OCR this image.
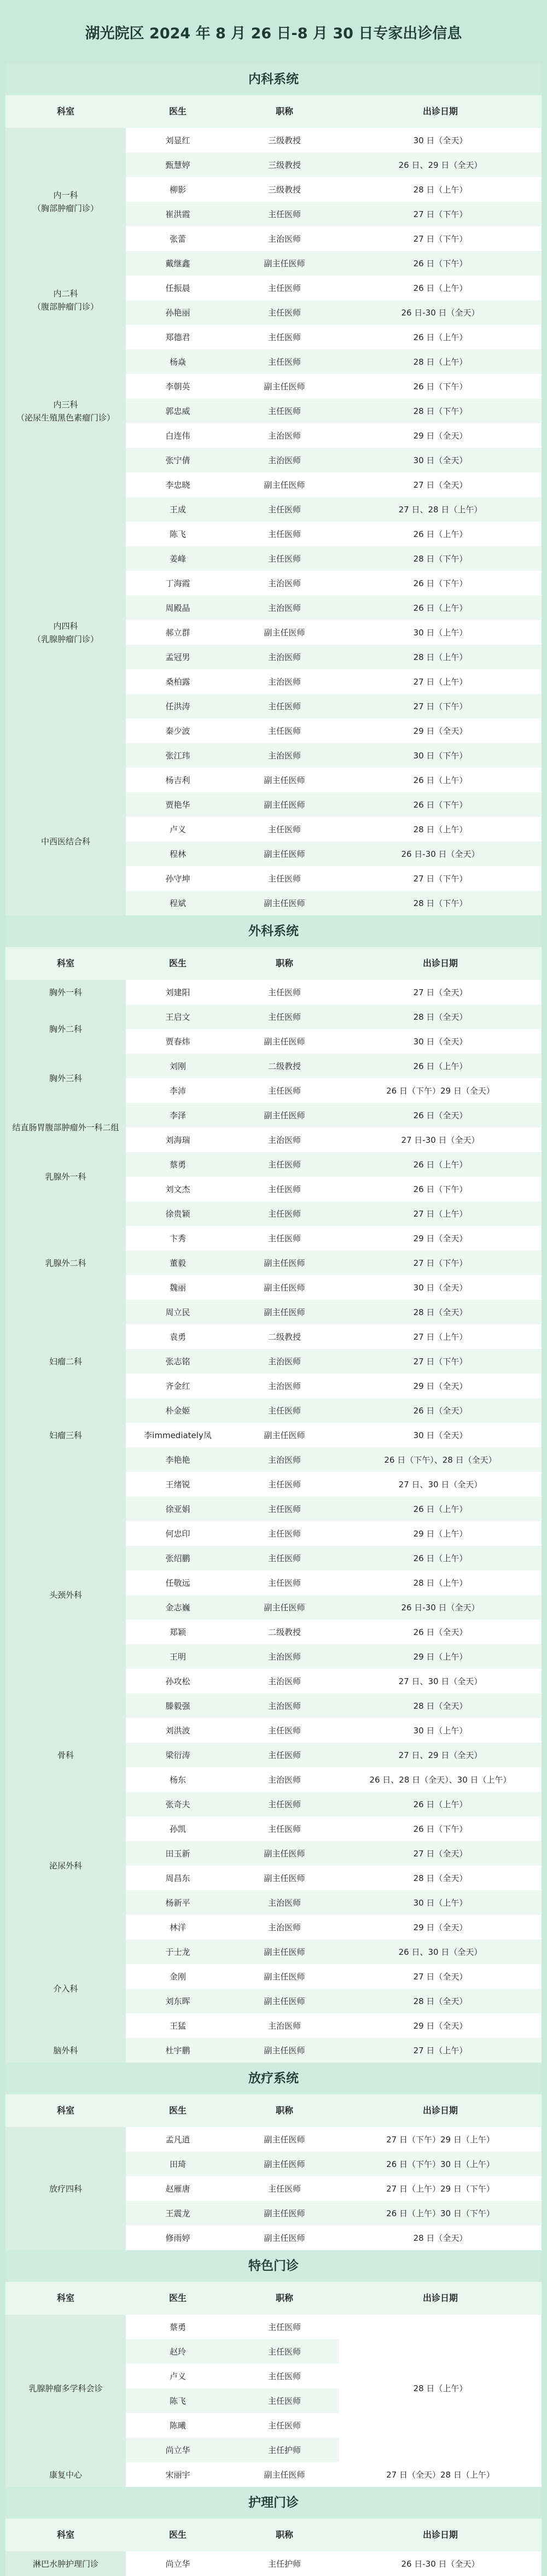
湖光院区 2024 年 8 月 26 日-8 月 30 日专家出诊信息
内科系统
科室	医生	职称	出诊日期
内一科
（胸部肿瘤门诊）	刘显红	三级教授	30 日（全天）
	甄慧婷	三级教授	26 日、29 日（全天）
	柳影	三级教授	28 日（上午）
	崔洪霞	主任医师	27 日（下午）
	张蕾	主治医师	27 日（下午）
	戴继鑫	副主任医师	26 日（下午）
内二科
（腹部肿瘤门诊）	任振晨	主任医师	26 日（上午）
	孙艳丽	主任医师	26 日-30 日（全天）
内三科
（泌尿生殖黑色素瘤门诊）	郑德君	主任医师	26 日（上午）
	杨焱	主任医师	28 日（上午）
	李朝英	副主任医师	26 日（下午）
	郭忠威	主任医师	28 日（下午）
	白连伟	主治医师	29 日（全天）
	张宁倩	主治医师	30 日（全天）
	李忠晓	副主任医师	27 日（全天）
内四科
（乳腺肿瘤门诊）	王成	主任医师	27 日、28 日（上午）
	陈飞	主任医师	26 日（上午）
	姜峰	主任医师	28 日（下午）
	丁海霞	主治医师	26 日（下午）
	周殿晶	主治医师	26 日（上午）
	郝立群	副主任医师	30 日（上午）
	孟冠男	主治医师	28 日（上午）
	桑柏露	主治医师	27 日（上午）
	任洪涛	主任医师	27 日（下午）
	秦少波	主任医师	29 日（全天）
	张江玮	主治医师	30 日（下午）
中西医结合科	杨吉利	副主任医师	26 日（上午）
	贾艳华	副主任医师	26 日（下午）
	卢义	主任医师	28 日（上午）
	程林	副主任医师	26 日-30 日（全天）
	孙守坤	主任医师	27 日（下午）
	程斌	副主任医师	28 日（下午）
外科系统
科室	医生	职称	出诊日期
胸外一科	刘建阳	主任医师	27 日（全天）
胸外二科	王启文	主任医师	28 日（全天）
	贾春炜	副主任医师	30 日（全天）
胸外三科	刘刚	二级教授	26 日（上午）
	李沛	主任医师	26 日（下午）29 日（全天）
结直肠胃腹部肿瘤外一科二组	李泽	副主任医师	26 日（全天）
	刘海瑞	主治医师	27 日-30 日（全天）
乳腺外一科	蔡勇	主任医师	26 日（上午）
	刘文杰	主任医师	26 日（下午）
乳腺外二科	徐贵颖	主任医师	27 日（上午）
	卞秀	主任医师	29 日（全天）
	董毅	副主任医师	27 日（下午）
	魏丽	副主任医师	30 日（全天）
	周立民	副主任医师	28 日（全天）
妇瘤二科	袁勇	二级教授	27 日（上午）
	张志铭	主治医师	27 日（下午）
	齐金红	主治医师	29 日（全天）
妇瘤三科	朴金姬	主任医师	26 日（全天）
	李immediately凤	副主任医师	30 日（全天）
	李艳艳	主治医师	26 日（下午）、28 日（全天）
头颈外科	王绪锐	主任医师	27 日、30 日（全天）
	徐亚娟	主任医师	26 日（上午）
	何忠印	主任医师	29 日（上午）
	张绍鹏	主任医师	26 日（上午）
	任敬远	主任医师	28 日（上午）
	金志巍	副主任医师	26 日-30 日（全天）
	郑颖	二级教授	26 日（全天）
	王明	主治医师	29 日（上午）
	孙攻松	主治医师	27 日、30 日（全天）
	滕毅强	主治医师	28 日（全天）
骨科	刘洪波	主任医师	30 日（上午）
	梁衍涛	主任医师	27 日、29 日（全天）
	杨东	主治医师	26 日、28 日（全天）、30 日（上午）
泌尿外科	张奇夫	主任医师	26 日（上午）
	孙凯	主任医师	26 日（下午）
	田玉新	副主任医师	27 日（全天）
	周昌东	副主任医师	28 日（全天）
	杨新平	主治医师	30 日（上午）
	林洋	主治医师	29 日（全天）
介入科	于士龙	副主任医师	26 日、30 日（全天）
	金刚	副主任医师	27 日（全天）
	刘东晖	副主任医师	28 日（全天）
	王猛	主治医师	29 日（全天）
脑外科	杜宇鹏	副主任医师	27 日（上午）
放疗系统
科室	医生	职称	出诊日期
放疗四科	孟凡逍	副主任医师	27 日（下午）29 日（上午）
	田琦	副主任医师	26 日（下午）30 日（上午）
	赵雁唐	主任医师	27 日（上午）29 日（下午）
	王震龙	副主任医师	26 日（上午）30 日（下午）
	修雨婷	副主任医师	28 日（全天）
特色门诊
科室	医生	职称	出诊日期
乳腺肿瘤多学科会诊	蔡勇	主任医师	28 日（上午）
	赵玲	主任医师	
	卢义	主任医师	
	陈飞	主任医师	
	陈曦	主任医师	
	尚立华	主任护师	
康复中心	宋丽宇	副主任医师	27 日（全天）28 日（上午）
护理门诊
科室	医生	职称	出诊日期
淋巴水肿护理门诊	尚立华	主任护师	26 日-30 日（全天）
